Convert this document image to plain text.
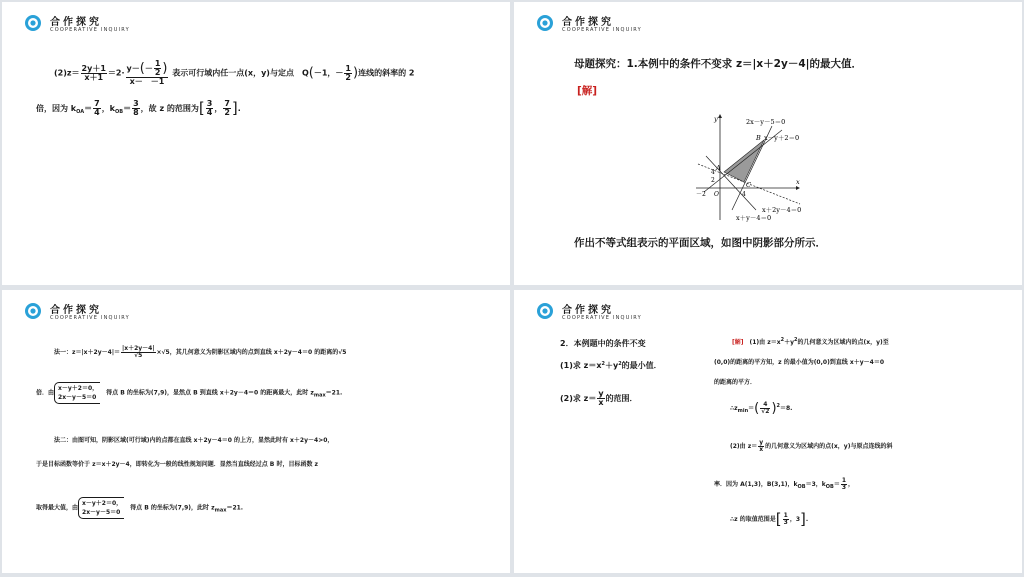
合作探究
COOPERATIVE INQUIRY
$(2)z= \frac{2y+1}{x+1} =2\cdot \frac{y-(- \frac{1}{2} )}{x- -1}$ 表示可行域内任一点(x，y)与定点　 Q(－1，－ $\frac{1}{2}$ )连线的斜率的 2
倍，因为 $k_{OA}= \frac{7}{4}$ ，$k_{OB}= \frac{3}{8}$ ，故 z 的范围为[ $\frac{3}{4}$ ， $\frac{7}{2}$ ].
合作探究
COOPERATIVE INQUIRY
母题探究：1.本例中的条件不变求 z＝|x＋2y－4|的最大值．
[解]
2x－y－5＝0
x－y＋2＝0
x＋2y－4＝0
x＋y－4＝0
y
x
O
A
B
C
4
2
4
－2
作出不等式组表示的平面区域，如图中阴影部分所示．
合作探究
COOPERATIVE INQUIRY
法一：$z=|x+2y-4|= \frac{|x+2y-4|}{√5} \times√5$，其几何意义为阴影区域内的点到直线 x＋2y－4＝0 的距离的√5
倍．由
x－y＋2＝0，
2x－y－5＝0
　得点 B 的坐标为(7,9)，显然点 B 到直线 x＋2y－4＝0 的距离最大，此时 $z_{max}=21$.
法二：由图可知，阴影区域(可行域)内的点都在直线 x＋2y－4＝0 的上方，显然此时有 x＋2y－4>0，
于是目标函数等价于 z＝x＋2y－4，即转化为一般的线性规划问题．显然当直线经过点 B 时，目标函数 z
取得最大值，由
x－y＋2＝0，
2x－y－5＝0
　得点 B 的坐标为(7,9)，此时 $z_{max}=21$.
合作探究
COOPERATIVE INQUIRY
2．本例题中的条件不变
(1)求 $z=x^2+y^2$的最小值．
(2)求 $z= \frac{y}{x}$ 的范围．
[解]　(1)由 $z=x^2+y^2$的几何意义为区域内的点(x，y)至
(0,0)的距离的平方知，z 的最小值为(0,0)到直线 x＋y－4＝0
的距离的平方．
$\therefore z_{min}=( \frac{4}{√2} )^2=8$.
(2)由 $z= \frac{y}{x}$ 的几何意义为区域内的点(x，y)与原点连线的斜
率．因为 A(1,3)，B(3,1)，$k_{OB}=3$，$k_{OB}= \frac{1}{3}$ ，
∴z 的取值范围是[ $\frac{1}{3}$ ，3].
